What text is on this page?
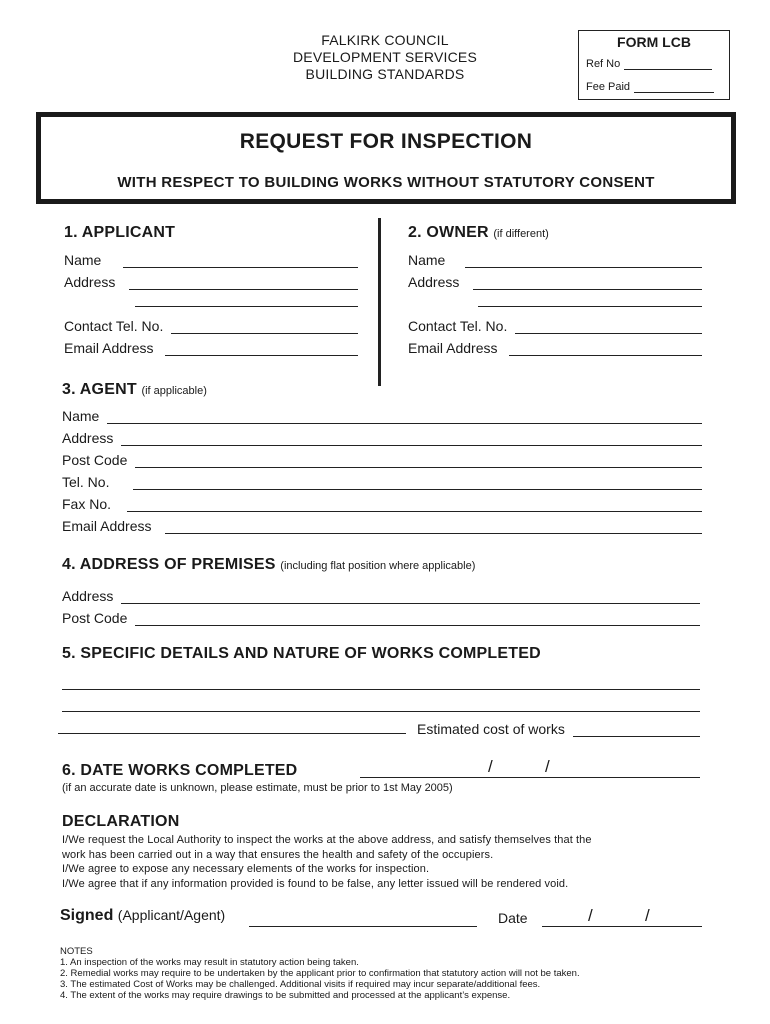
FALKIRK COUNCIL
DEVELOPMENT SERVICES
BUILDING STANDARDS
FORM LCB
Ref No
Fee Paid
REQUEST FOR INSPECTION
WITH RESPECT TO BUILDING WORKS WITHOUT STATUTORY CONSENT
1. APPLICANT
Name
Address
Contact Tel. No.
Email Address
2. OWNER (if different)
Name
Address
Contact Tel. No.
Email Address
3. AGENT (if applicable)
Name
Address
Post Code
Tel. No.
Fax No.
Email Address
4. ADDRESS OF PREMISES (including flat position where applicable)
Address
Post Code
5. SPECIFIC DETAILS AND NATURE OF WORKS COMPLETED
Estimated cost of works
6. DATE WORKS COMPLETED	/	/
(if an accurate date is unknown, please estimate, must be prior to 1st May 2005)
DECLARATION
I/We request the Local Authority to inspect the works at the above address, and satisfy themselves that the
work has been carried out in a way that ensures the health and safety of the occupiers.
I/We agree to expose any necessary elements of the works for inspection.
I/We agree that if any information provided is found to be false, any letter issued will be rendered void.
Signed (Applicant/Agent)	Date	/	/
NOTES
1. An inspection of the works may result in statutory action being taken.
2. Remedial works may require to be undertaken by the applicant prior to confirmation that statutory action will not be taken.
3. The estimated Cost of Works may be challenged. Additional visits if required may incur separate/additional fees.
4. The extent of the works may require drawings to be submitted and processed at the applicant’s expense.
